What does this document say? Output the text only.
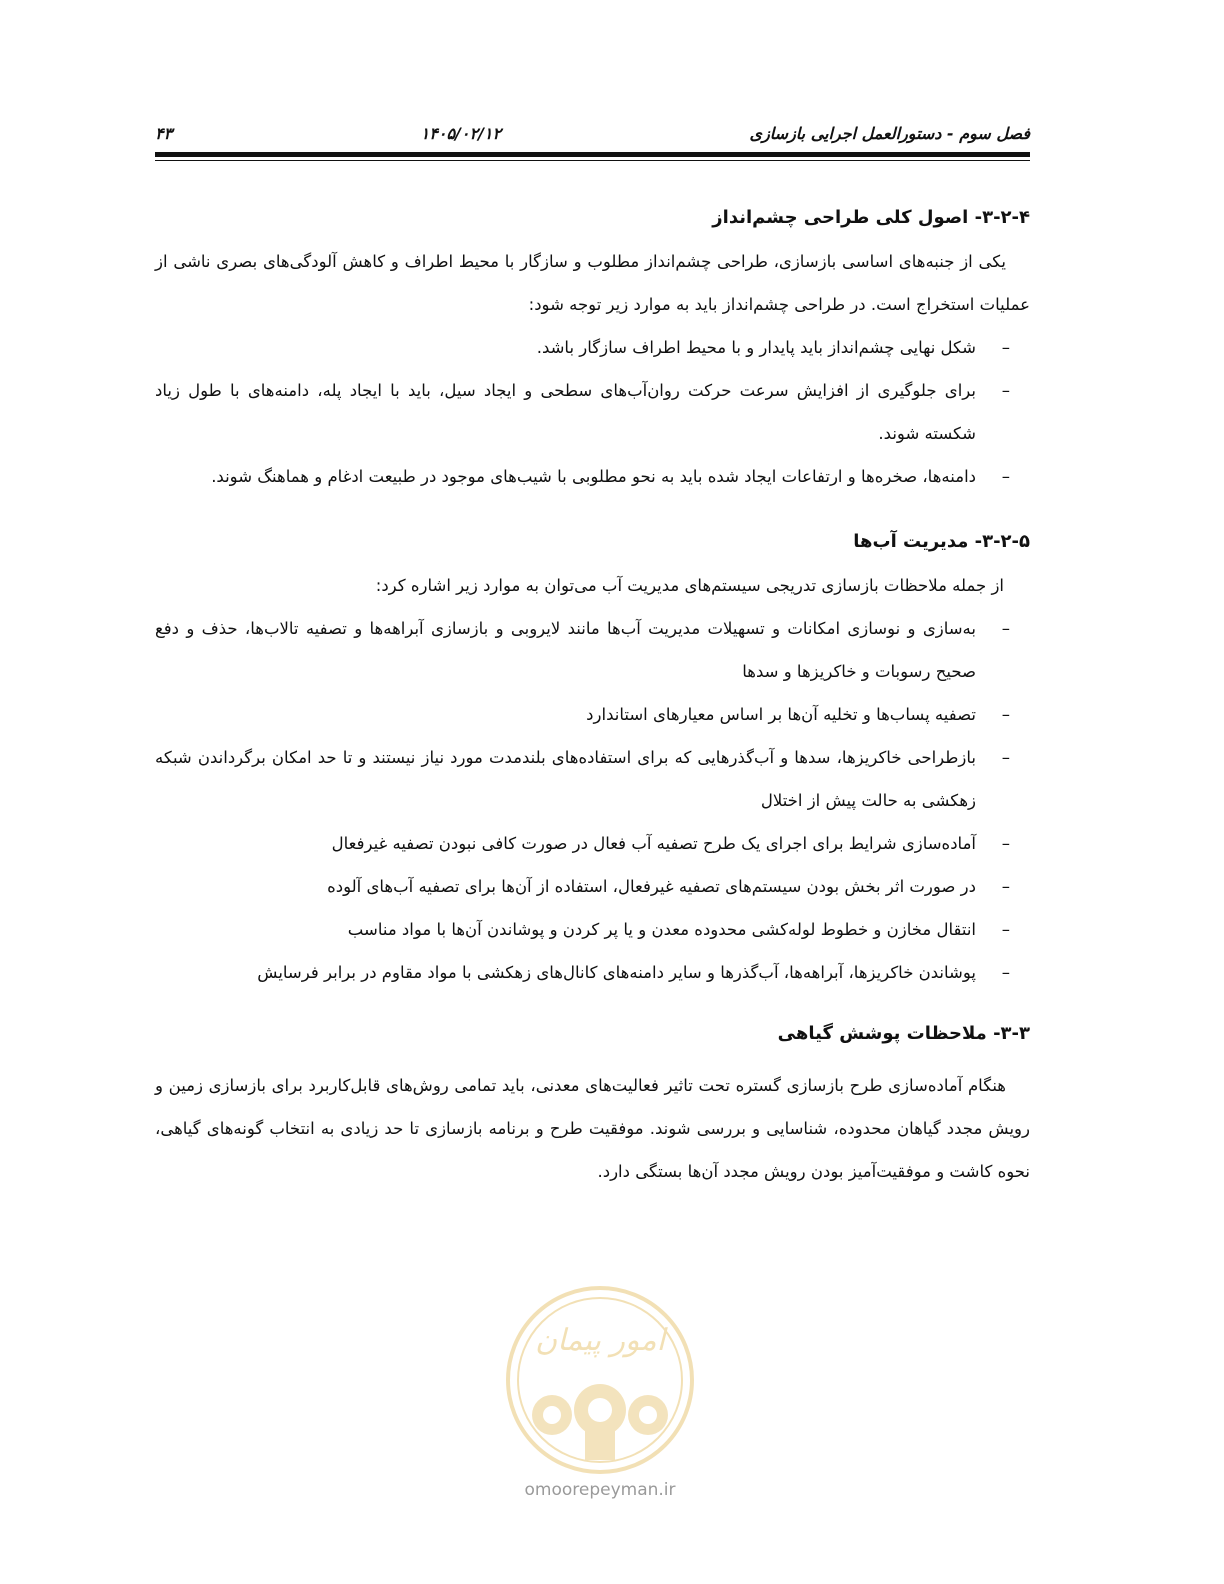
فصل سوم - دستورالعمل اجرایی بازسازی
۱۴۰۵/۰۲/۱۲
۴۳
۳-۲-۴- اصول کلی طراحی چشم‌انداز

یکی از جنبه‌های اساسی بازسازی، طراحی چشم‌انداز مطلوب و سازگار با محیط اطراف و کاهش آلودگی‌های بصری ناشی از عملیات استخراج است. در طراحی چشم‌انداز باید به موارد زیر توجه شود:

–
شکل نهایی چشم‌انداز باید پایدار و با محیط اطراف سازگار باشد.
–
برای جلوگیری از افزایش سرعت حرکت روان‌آب‌های سطحی و ایجاد سیل، باید با ایجاد پله، دامنه‌های با طول زیاد شکسته شوند.
–
دامنه‌ها، صخره‌ها و ارتفاعات ایجاد شده باید به نحو مطلوبی با شیب‌های موجود در طبیعت ادغام و هماهنگ شوند.
۳-۲-۵- مدیریت آب‌ها

از جمله ملاحظات بازسازی تدریجی سیستم‌های مدیریت آب می‌توان به موارد زیر اشاره کرد:

–
به‌سازی و نوسازی امکانات و تسهیلات مدیریت آب‌ها مانند لایروبی و بازسازی آبراهه‌ها و تصفیه تالاب‌ها، حذف و دفع صحیح رسوبات و خاکریزها و سدها
–
تصفیه پساب‌ها و تخلیه آن‌ها بر اساس معیارهای استاندارد
–
بازطراحی خاکریزها، سدها و آب‌گذرهایی که برای استفاده‌های بلندمدت مورد نیاز نیستند و تا حد امکان برگرداندن شبکه زهکشی به حالت پیش از اختلال
–
آماده‌سازی شرایط برای اجرای یک طرح تصفیه آب فعال در صورت کافی نبودن تصفیه غیرفعال
–
در صورت اثر بخش بودن سیستم‌های تصفیه غیرفعال، استفاده از آن‌ها برای تصفیه آب‌های آلوده
–
انتقال مخازن و خطوط لوله‌کشی محدوده معدن و یا پر کردن و پوشاندن آن‌ها با مواد مناسب
–
پوشاندن خاکریزها، آبراهه‌ها، آب‌گذرها و سایر دامنه‌های کانال‌های زهکشی با مواد مقاوم در برابر فرسایش
۳-۳- ملاحظات پوشش گیاهی

هنگام آماده‌سازی طرح بازسازی گستره تحت تاثیر فعالیت‌های معدنی، باید تمامی روش‌های قابل‌کاربرد برای بازسازی زمین و رویش مجدد گیاهان محدوده، شناسایی و بررسی شوند. موفقیت طرح و برنامه بازسازی تا حد زیادی به انتخاب گونه‌های گیاهی، نحوه کاشت و موفقیت‌آمیز بودن رویش مجدد آن‌ها بستگی دارد.

امور پیمان
omoorepeyman.ir
